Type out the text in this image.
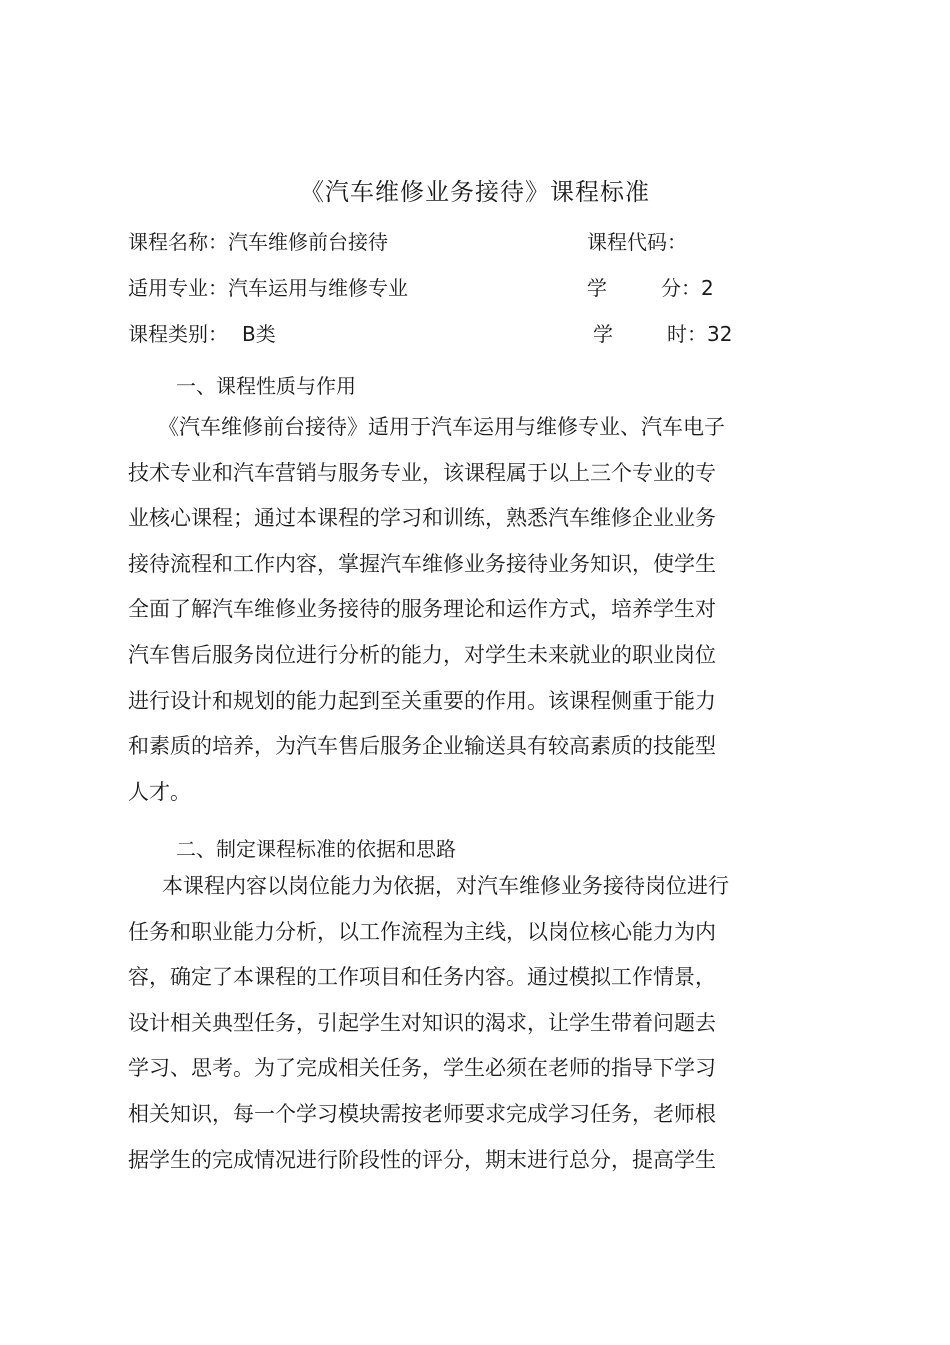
《汽车维修业务接待》课程标准
课程名称：汽车维修前台接待	课程代码：
适用专业：汽车运用与维修专业	学	分：2
课程类别： B类	学	时：32
一、课程性质与作用
《汽车维修前台接待》适用于汽车运用与维修专业、汽车电子
技术专业和汽车营销与服务专业，该课程属于以上三个专业的专
业核心课程；通过本课程的学习和训练，熟悉汽车维修企业业务
接待流程和工作内容，掌握汽车维修业务接待业务知识，使学生
全面了解汽车维修业务接待的服务理论和运作方式，培养学生对
汽车售后服务岗位进行分析的能力，对学生未来就业的职业岗位
进行设计和规划的能力起到至关重要的作用。该课程侧重于能力
和素质的培养，为汽车售后服务企业输送具有较高素质的技能型
人才。
二、制定课程标准的依据和思路
本课程内容以岗位能力为依据，对汽车维修业务接待岗位进行
任务和职业能力分析，以工作流程为主线，以岗位核心能力为内
容，确定了本课程的工作项目和任务内容。通过模拟工作情景，
设计相关典型任务，引起学生对知识的渴求，让学生带着问题去
学习、思考。为了完成相关任务，学生必须在老师的指导下学习
相关知识，每一个学习模块需按老师要求完成学习任务，老师根
据学生的完成情况进行阶段性的评分，期末进行总分，提高学生
